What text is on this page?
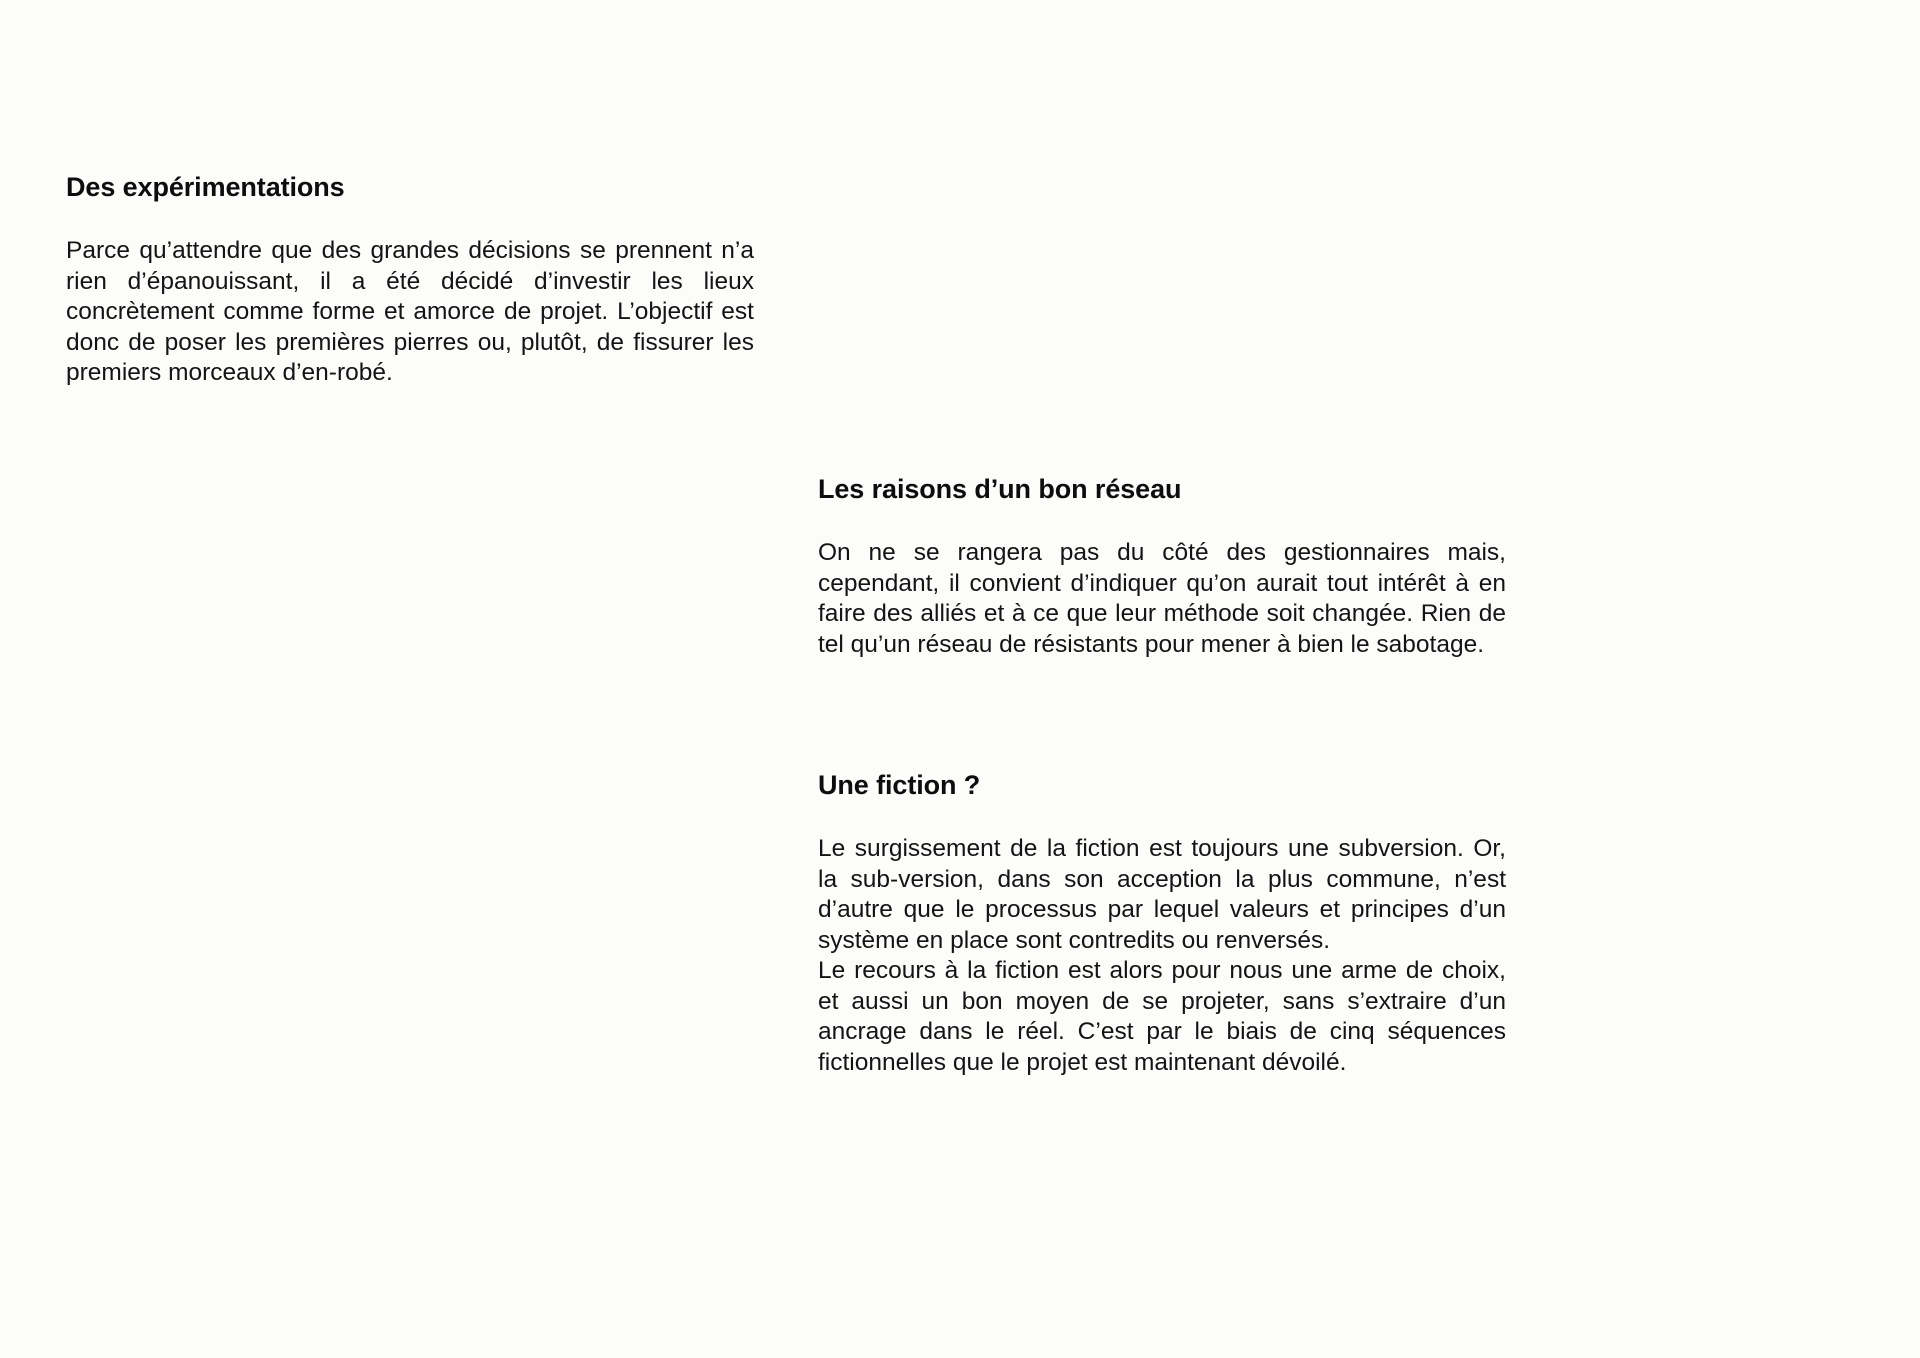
Des expérimentations

Parce qu’attendre que des grandes décisions se prennent n’a rien d’épanouissant, il a été décidé d’investir les lieux concrètement comme forme et amorce de projet. L’objectif est donc de poser les premières pierres ou, plutôt, de fissurer les premiers morceaux d’en-robé.

Les raisons d’un bon réseau

On ne se rangera pas du côté des gestionnaires mais, cependant, il convient d’indiquer qu’on aurait tout intérêt à en faire des alliés et à ce que leur méthode soit changée. Rien de tel qu’un réseau de résistants pour mener à bien le sabotage.

Une fiction ?

Le surgissement de la fiction est toujours une subversion. Or, la sub-version, dans son acception la plus commune, n’est d’autre que le processus par lequel valeurs et principes d’un système en place sont contredits ou renversés.

Le recours à la fiction est alors pour nous une arme de choix, et aussi un bon moyen de se projeter, sans s’extraire d’un ancrage dans le réel. C’est par le biais de cinq séquences fictionnelles que le projet est maintenant dévoilé.
